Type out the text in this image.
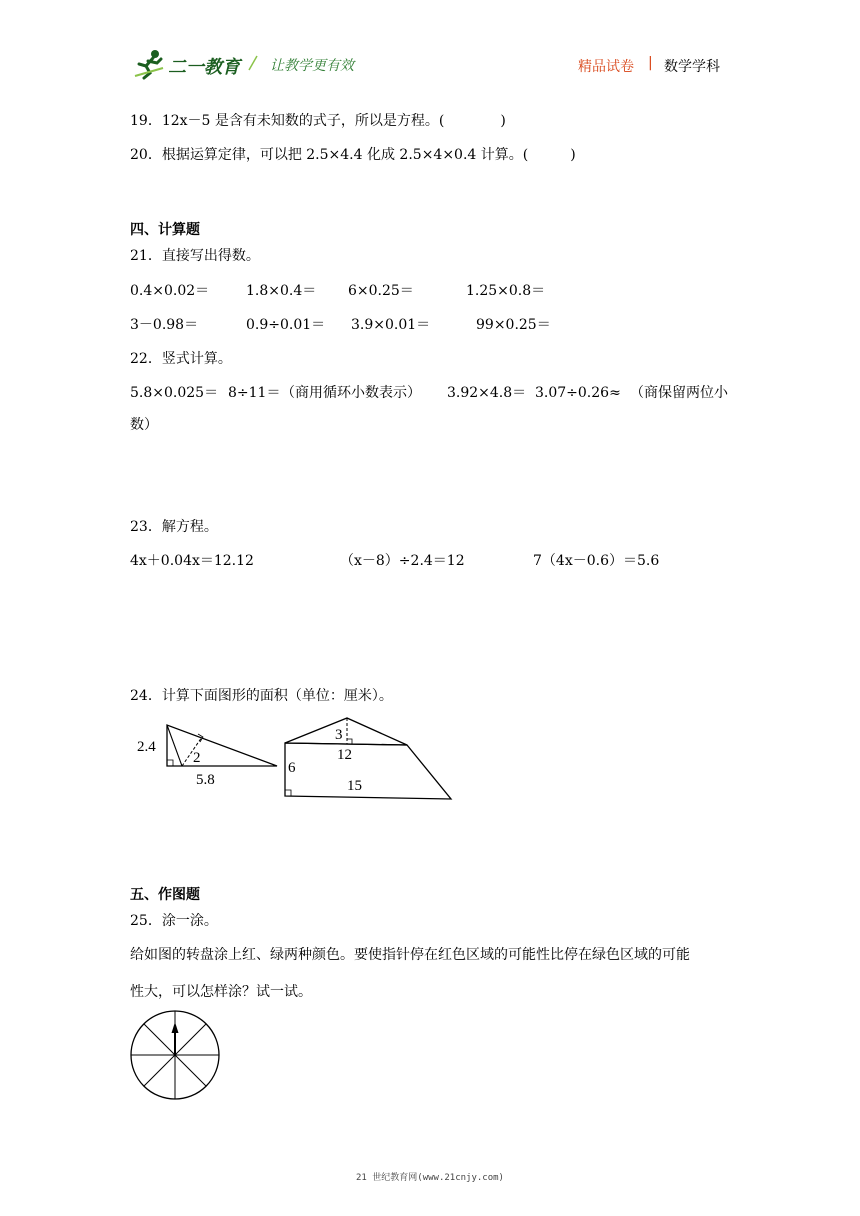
二一教育 让教学更有效	精品试卷 | 数学学科
19．12x－5 是含有未知数的式子，所以是方程。(　　　　)
20．根据运算定律，可以把 2.5×4.4 化成 2.5×4×0.4 计算。(　　　)
四、计算题
21．直接写出得数。
0.4×0.02＝	1.8×0.4＝ 6×0.25＝	1.25×0.8＝
3－0.98＝	0.9÷0.01＝ 3.9×0.01＝	99×0.25＝
22．竖式计算。
5.8×0.025＝ 8÷11＝ （商用循环小数表示） 3.92×4.8＝ 3.07÷0.26≈ （商保留两位小
数）
23．解方程。
4x＋0.04x＝12.12	（x－8）÷2.4＝12	7（4x－0.6）＝5.6
24．计算下面图形的面积（单位：厘米）。
2.4
2
5.8
3
12
6
15
五、作图题
25．涂一涂。
给如图的转盘涂上红、绿两种颜色。要使指针停在红色区域的可能性比停在绿色区域的可能
性大，可以怎样涂？试一试。
21 世纪教育网(www.21cnjy.com)
